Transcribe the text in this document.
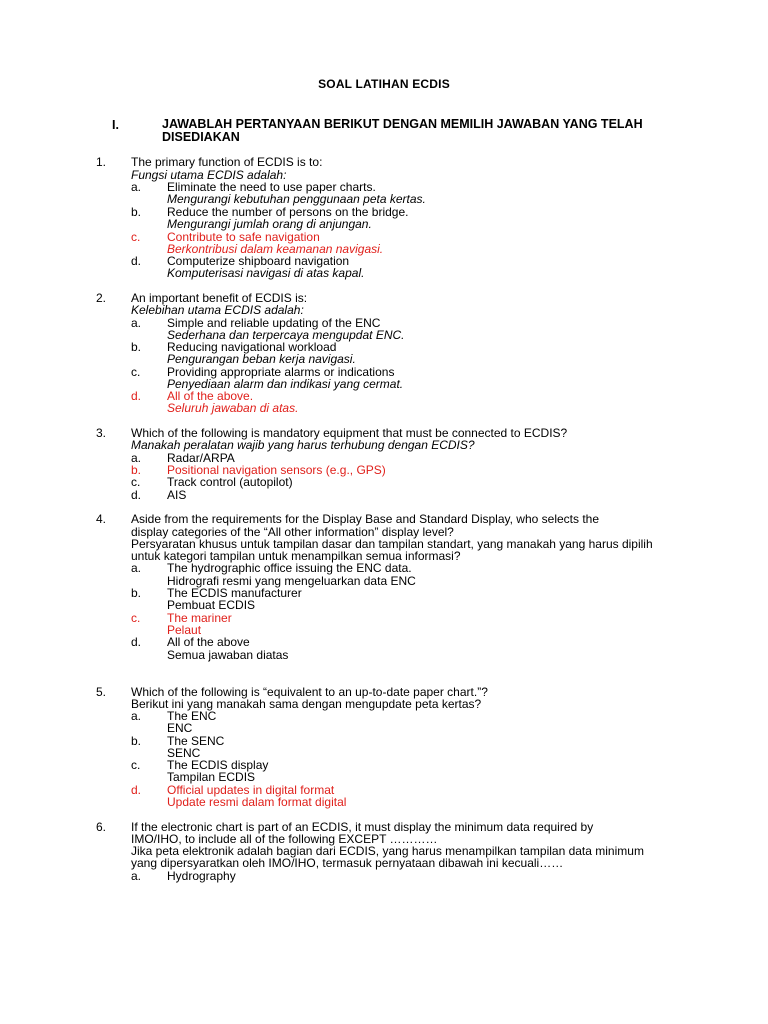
SOAL LATIHAN ECDIS
I.	JAWABLAH PERTANYAAN BERIKUT DENGAN MEMILIH JAWABAN YANG TELAH DISEDIAKAN
1. The primary function of ECDIS is to:
Fungsi utama ECDIS adalah:
a. Eliminate the need to use paper charts.
Mengurangi kebutuhan penggunaan peta kertas.
b. Reduce the number of persons on the bridge.
Mengurangi jumlah orang di anjungan.
c. Contribute to safe navigation
Berkontribusi dalam keamanan navigasi.
d. Computerize shipboard navigation
Komputerisasi navigasi di atas kapal.
2. An important benefit of ECDIS is:
Kelebihan utama ECDIS adalah:
a. Simple and reliable updating of the ENC
Sederhana dan terpercaya mengupdat ENC.
b. Reducing navigational workload
Pengurangan beban kerja navigasi.
c. Providing appropriate alarms or indications
Penyediaan alarm dan indikasi yang cermat.
d. All of the above.
Seluruh jawaban di atas.
3. Which of the following is mandatory equipment that must be connected to ECDIS?
Manakah peralatan wajib yang harus terhubung dengan ECDIS?
a. Radar/ARPA
b. Positional navigation sensors (e.g., GPS)
c. Track control (autopilot)
d. AIS
4. Aside from the requirements for the Display Base and Standard Display, who selects the
display categories of the “All other information” display level?
Persyaratan khusus untuk tampilan dasar dan tampilan standart, yang manakah yang harus dipilih
untuk kategori tampilan untuk menampilkan semua informasi?
a. The hydrographic office issuing the ENC data.
Hidrografi resmi yang mengeluarkan data ENC
b. The ECDIS manufacturer
Pembuat ECDIS
c. The mariner
Pelaut
d. All of the above
Semua jawaban diatas
5. Which of the following is “equivalent to an up-to-date paper chart.”?
Berikut ini yang manakah sama dengan mengupdate peta kertas?
a. The ENC
ENC
b. The SENC
SENC
c. The ECDIS display
Tampilan ECDIS
d. Official updates in digital format
Update resmi dalam format digital
6. If the electronic chart is part of an ECDIS, it must display the minimum data required by
IMO/IHO, to include all of the following EXCEPT …………
Jika peta elektronik adalah bagian dari ECDIS, yang harus menampilkan tampilan data minimum
yang dipersyaratkan oleh IMO/IHO, termasuk pernyataan dibawah ini kecuali……
a. Hydrography
